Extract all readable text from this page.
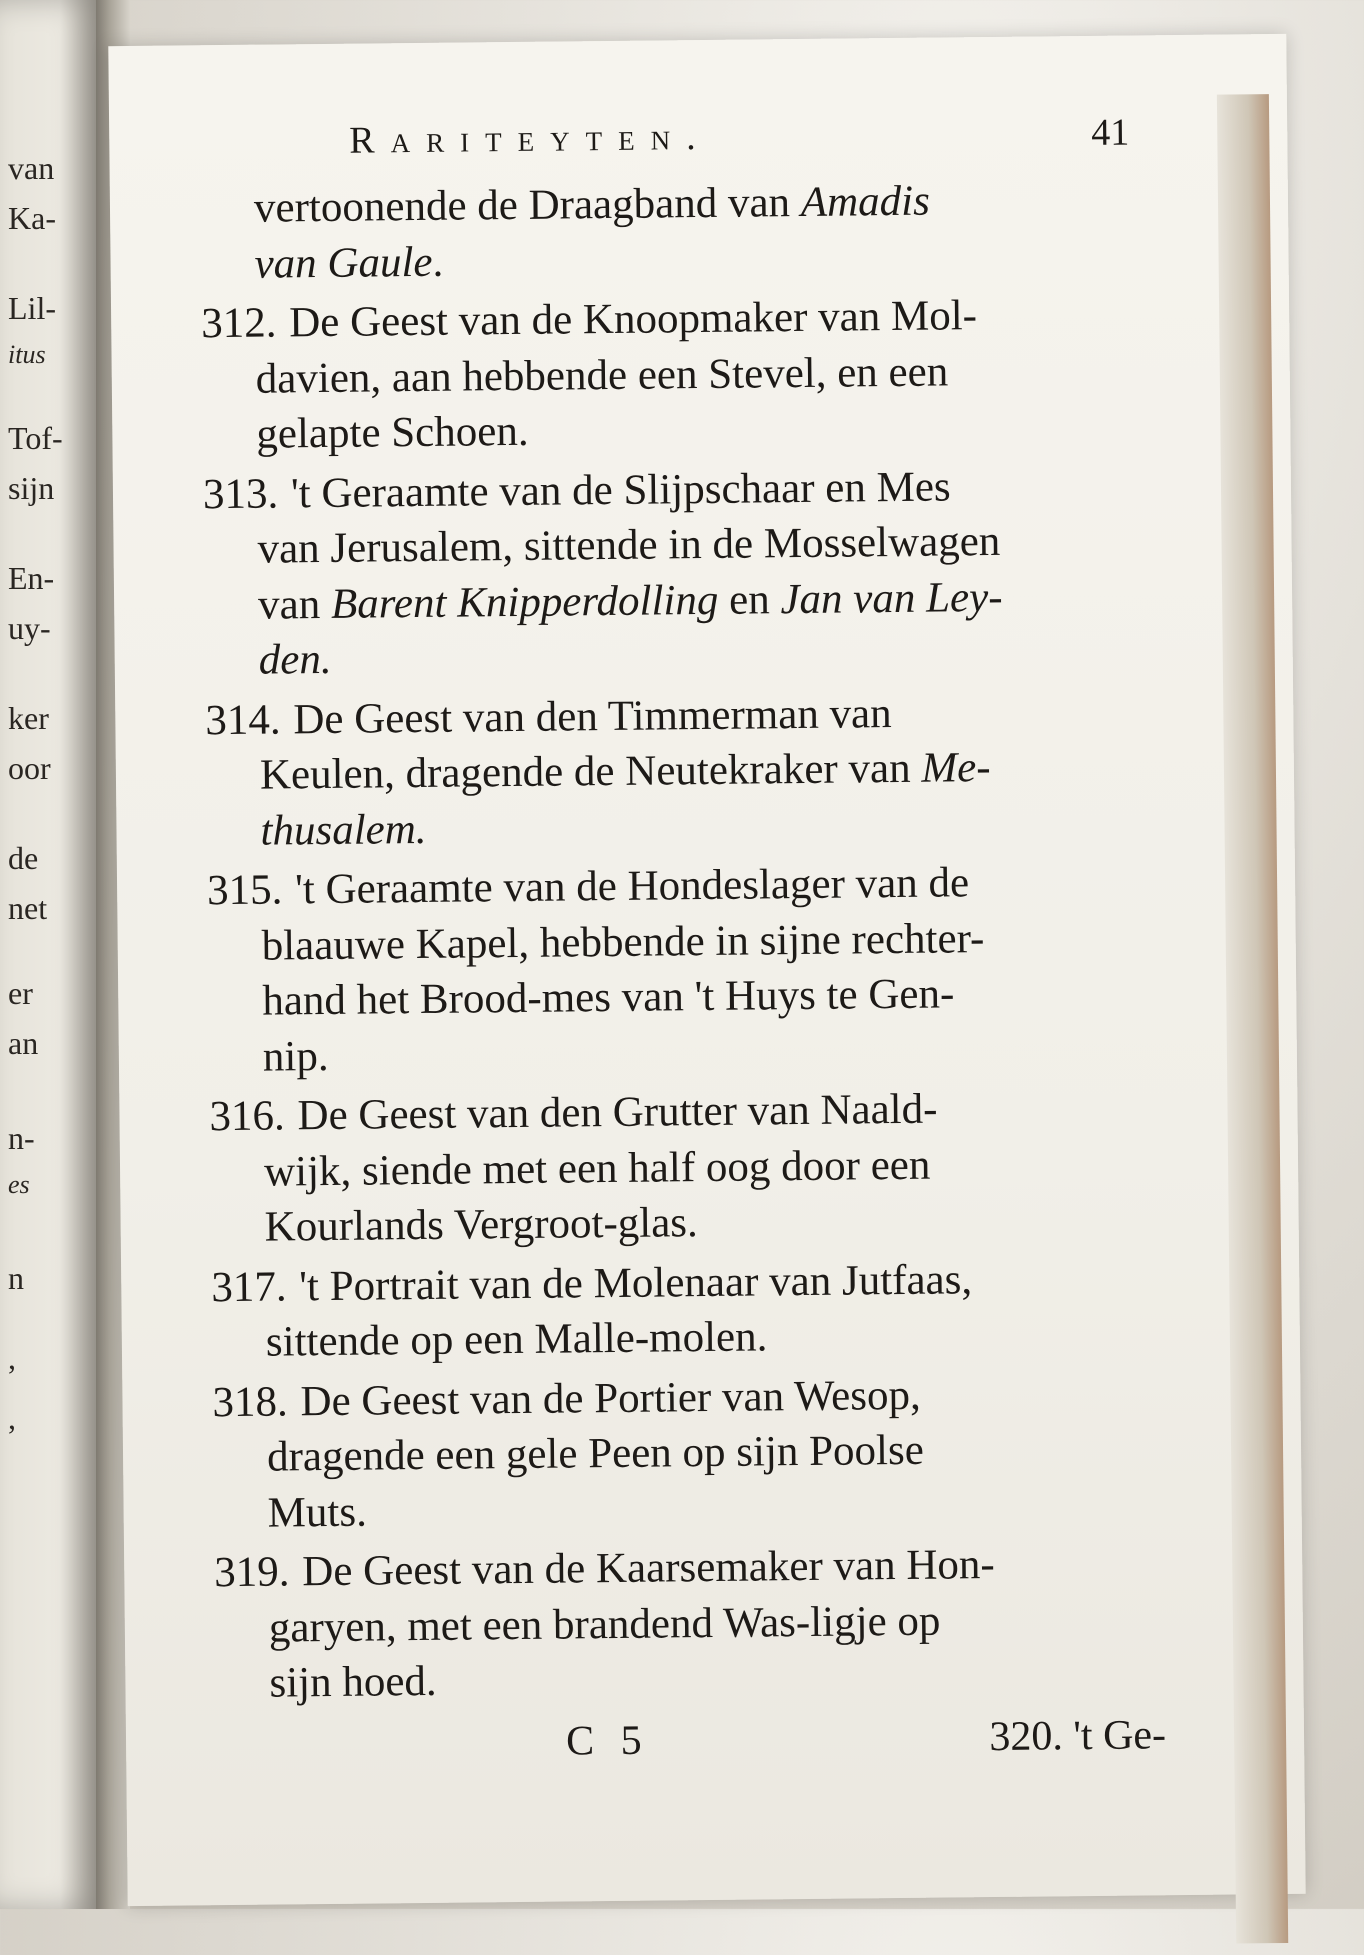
van
Ka-
Lil-
itus
Tof-
sijn
En-
uy-
ker
oor
de
net
er
an
n-
es
n
,
,
Rariteyten.	41
vertoonende de Draagband van Amadis
van Gaule.
312. De Geest van de Knoopmaker van Mol-
davien, aan hebbende een Stevel, en een
gelapte Schoen.
313. 't Geraamte van de Slijpschaar en Mes
van Jerusalem, sittende in de Mosselwagen
van Barent Knipperdolling en Jan van Ley-
den.
314. De Geest van den Timmerman van
Keulen, dragende de Neutekraker van Me-
thusalem.
315. 't Geraamte van de Hondeslager van de
blaauwe Kapel, hebbende in sijne rechter-
hand het Brood-mes van 't Huys te Gen-
nip.
316. De Geest van den Grutter van Naald-
wijk, siende met een half oog door een
Kourlands Vergroot-glas.
317. 't Portrait van de Molenaar van Jutfaas,
sittende op een Malle-molen.
318. De Geest van de Portier van Wesop,
dragende een gele Peen op sijn Poolse
Muts.
319. De Geest van de Kaarsemaker van Hon-
garyen, met een brandend Was-ligje op
sijn hoed.
C 5	320. 't Ge-
